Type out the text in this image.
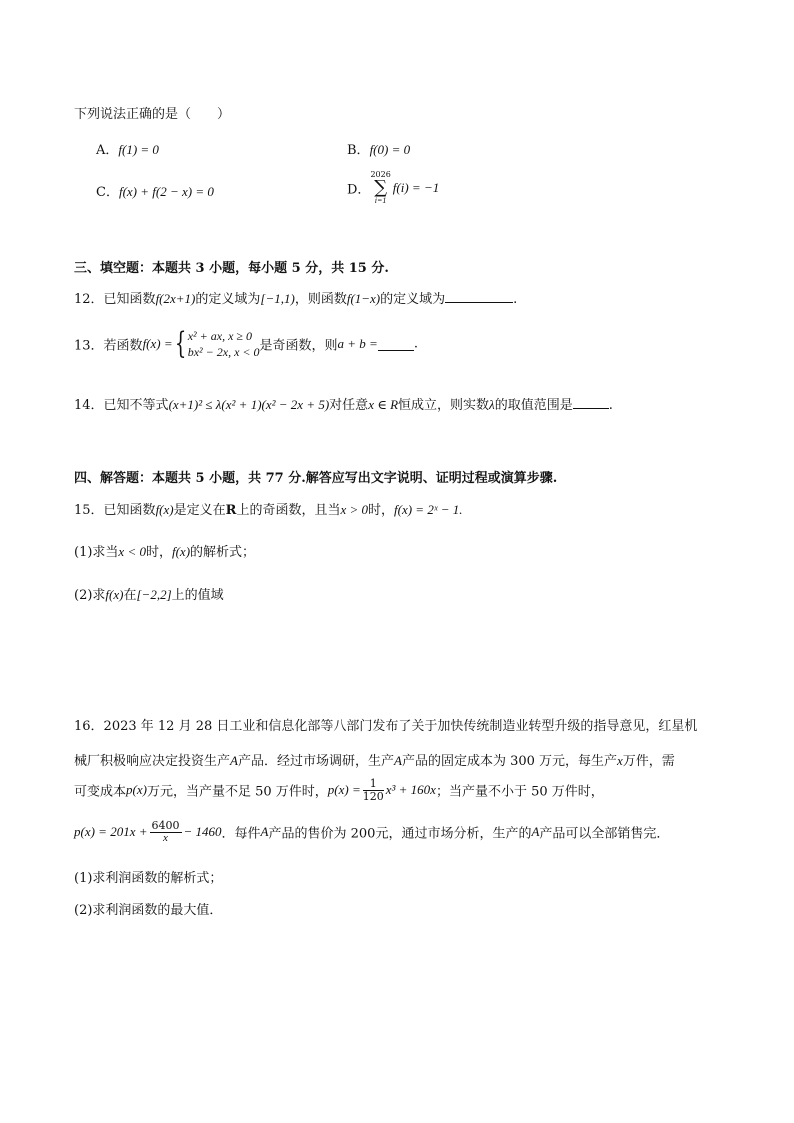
下列说法正确的是（　　）
A．f(1) = 0	B．f(0) = 0
C．f(x) + f(2 − x) = 0	D．
2026
∑
i=1
f(i) = −1
三、填空题：本题共 3 小题，每小题 5 分，共 15 分.
12．已知函数f(2x+1)的定义域为[−1,1)，则函数f(1−x)的定义域为	.
13．若函数f(x) ={ x² + ax, x ≥ 0
bx² − 2x, x < 0 是奇函数，则a + b =	.
14．已知不等式(x+1)² ≤ λ(x² + 1)(x² − 2x + 5)对任意x ∈ R恒成立，则实数λ的取值范围是	.
四、解答题：本题共 5 小题，共 77 分.解答应写出文字说明、证明过程或演算步骤.
15．已知函数f(x)是定义在R上的奇函数，且当x > 0时，f(x) = 2ˣ − 1.
(1)求当x < 0时，f(x)的解析式；
(2)求f(x)在[−2,2]上的值域
16．2023 年 12 月 28 日工业和信息化部等八部门发布了关于加快传统制造业转型升级的指导意见，红星机
械厂积极响应决定投资生产A产品．经过市场调研，生产A产品的固定成本为 300 万元，每生产x万件，需
可变成本p(x)万元，当产量不足 50 万件时，$p(x) = \frac{1}{120} x^3 + 160x$；当产量不小于 50 万件时，
$p(x) = 201x + \frac{6400}{x} - 1460$．每件A产品的售价为 200元，通过市场分析，生产的A产品可以全部销售完．
(1)求利润函数的解析式；
(2)求利润函数的最大值．
